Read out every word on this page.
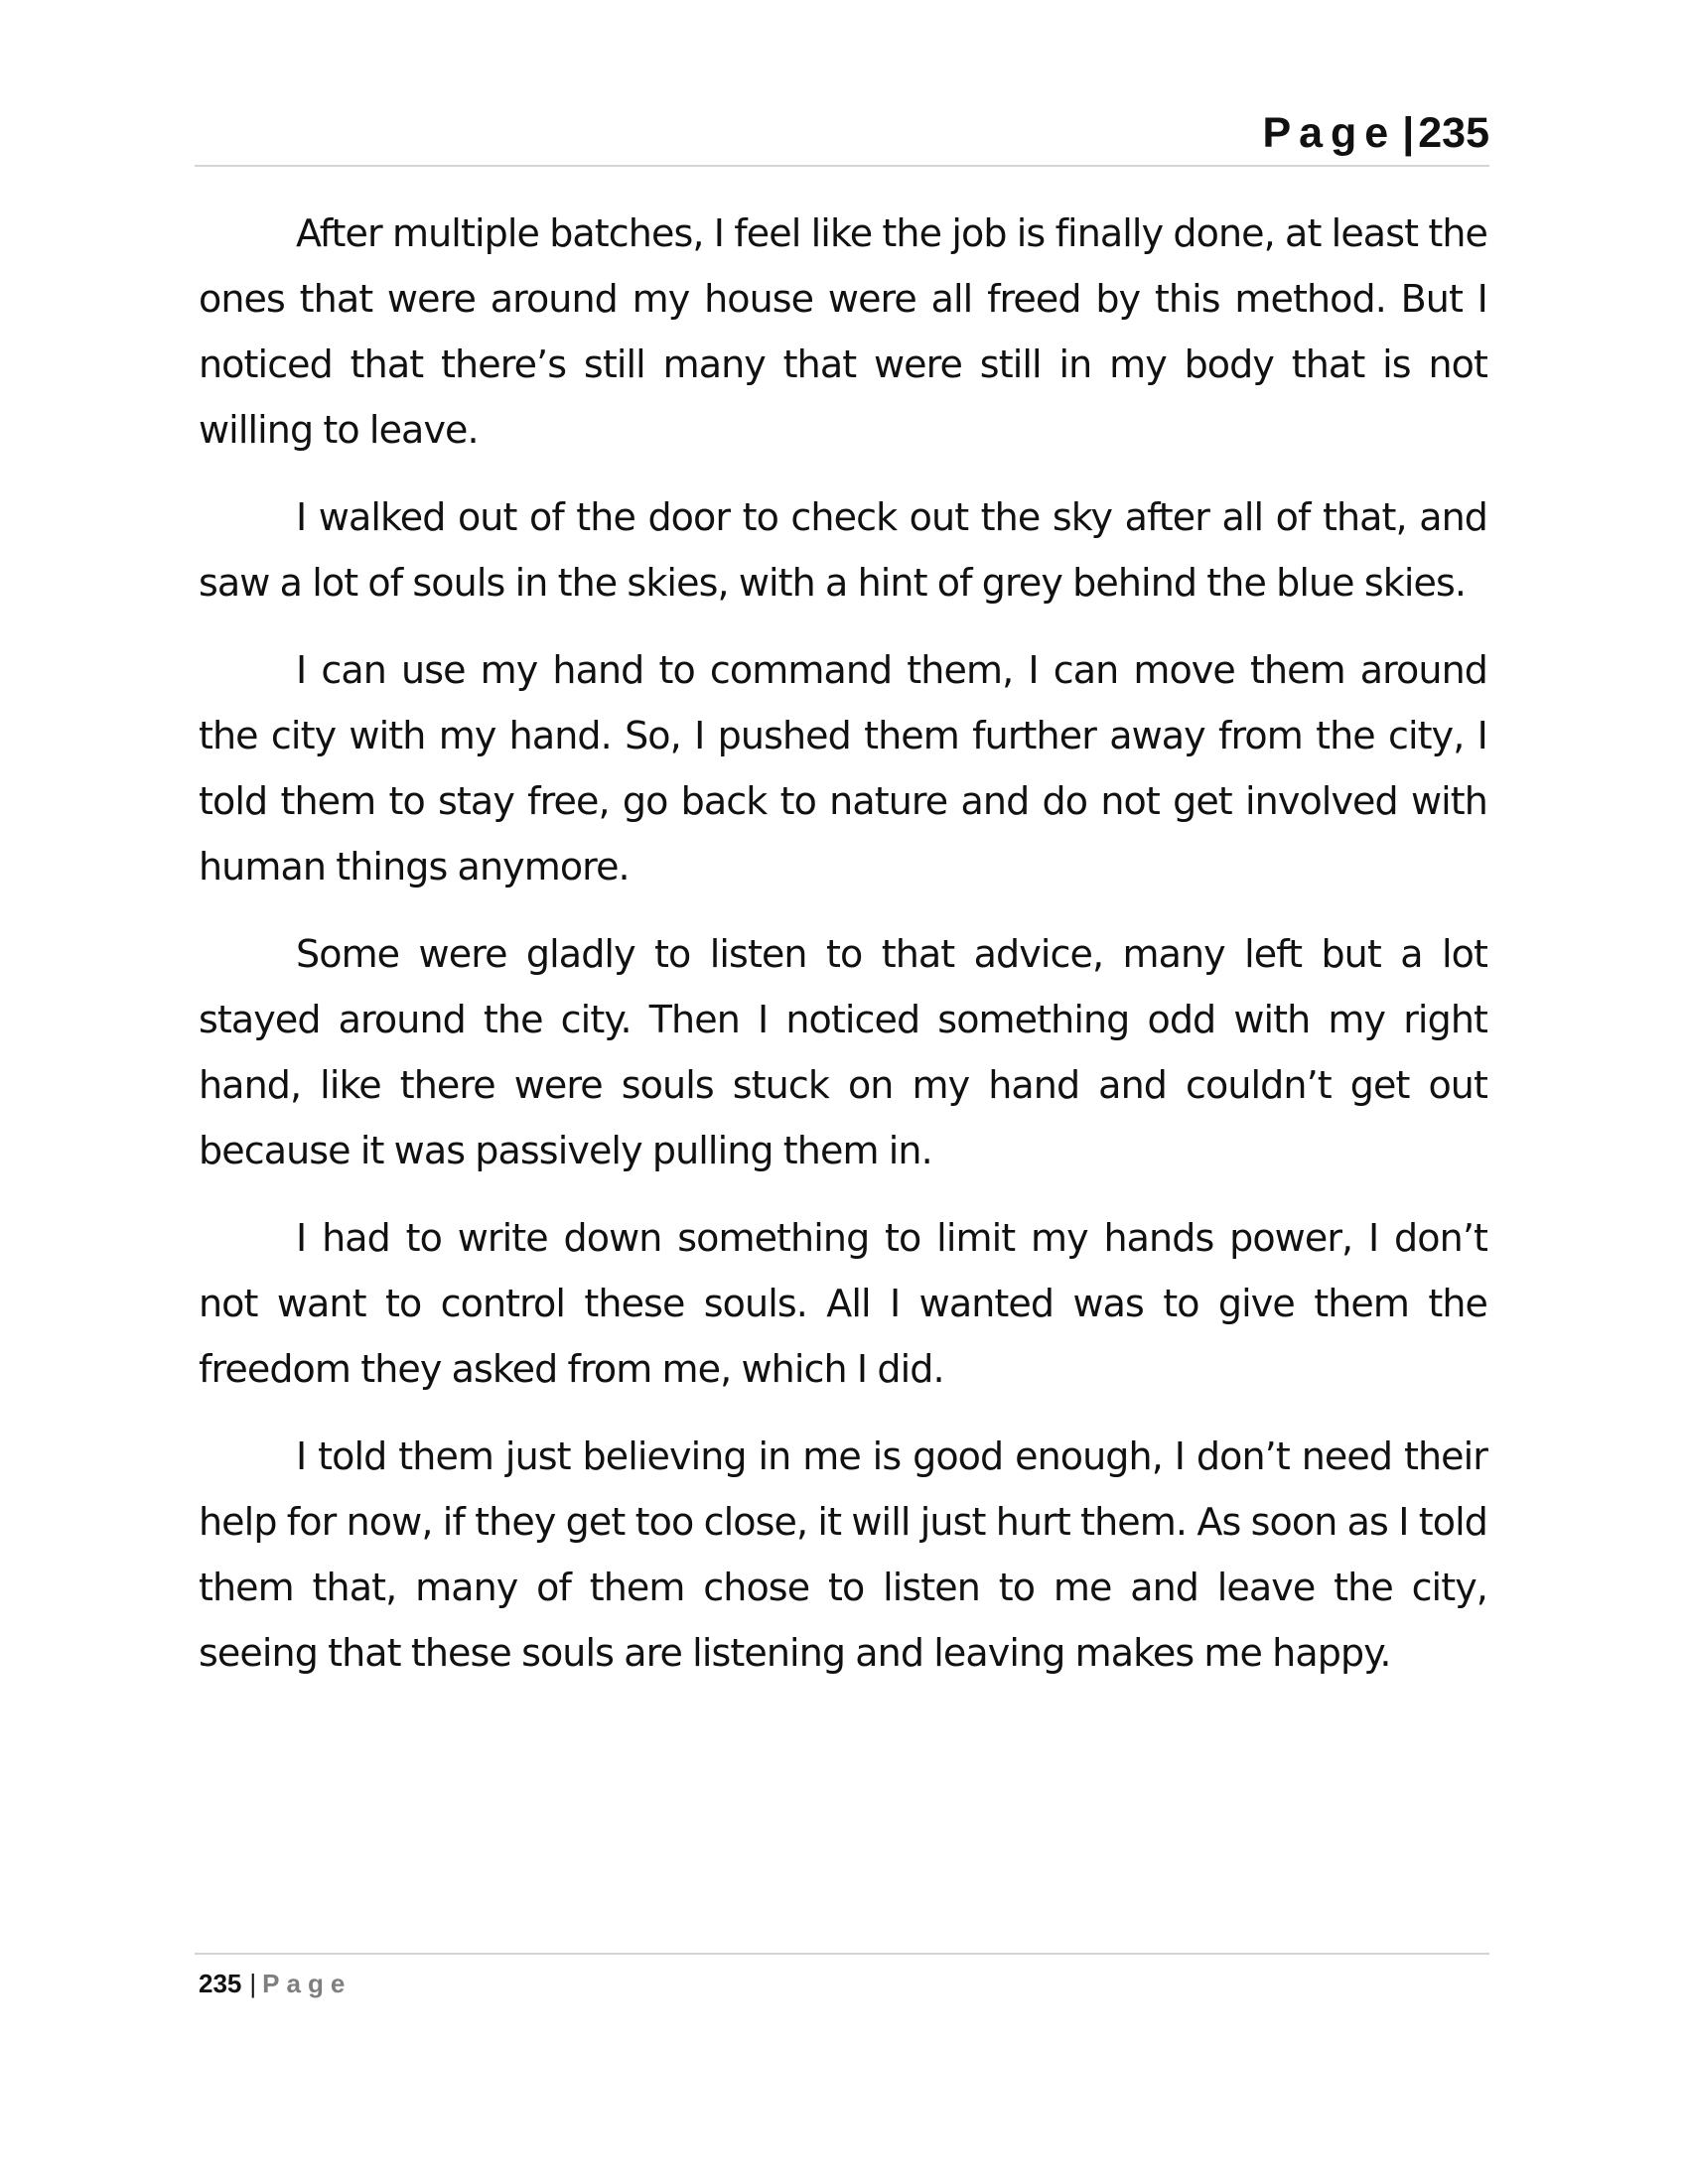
Page |235

After multiple batches, I feel like the job is finally done, at least the ones that were around my house were all freed by this method. But I noticed that there’s still many that were still in my body that is not willing to leave.

I walked out of the door to check out the sky after all of that, and saw a lot of souls in the skies, with a hint of grey behind the blue skies.

I can use my hand to command them, I can move them around the city with my hand. So, I pushed them further away from the city, I told them to stay free, go back to nature and do not get involved with human things anymore.

Some were gladly to listen to that advice, many left but a lot stayed around the city. Then I noticed something odd with my right hand, like there were souls stuck on my hand and couldn’t get out because it was passively pulling them in.

I had to write down something to limit my hands power, I don’t not want to control these souls. All I wanted was to give them the freedom they asked from me, which I did.

I told them just believing in me is good enough, I don’t need their help for now, if they get too close, it will just hurt them. As soon as I told them that, many of them chose to listen to me and leave the city, seeing that these souls are listening and leaving makes me happy.

235 | Page
